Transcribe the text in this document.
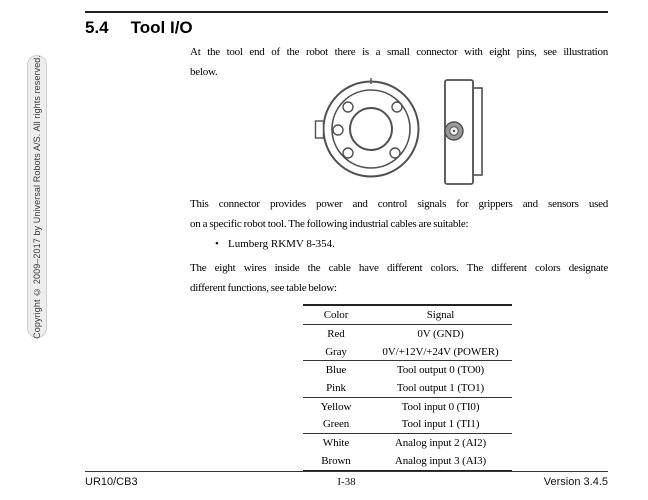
Copyright © 2009–2017 by Universal Robots A/S. All rights reserved.
5.4 Tool I/O
At the tool end of the robot there is a small connector with eight pins, see illustration
below.
This connector provides power and control signals for grippers and sensors used
on a specific robot tool. The following industrial cables are suitable:
• Lumberg RKMV 8-354.
The eight wires inside the cable have different colors. The different colors designate
different functions, see table below:
Color	Signal
Red	0V (GND)
Gray	0V/+12V/+24V (POWER)
Blue	Tool output 0 (TO0)
Pink	Tool output 1 (TO1)
Yellow	Tool input 0 (TI0)
Green	Tool input 1 (TI1)
White	Analog input 2 (AI2)
Brown	Analog input 3 (AI3)
UR10/CB3	I-38	Version 3.4.5
